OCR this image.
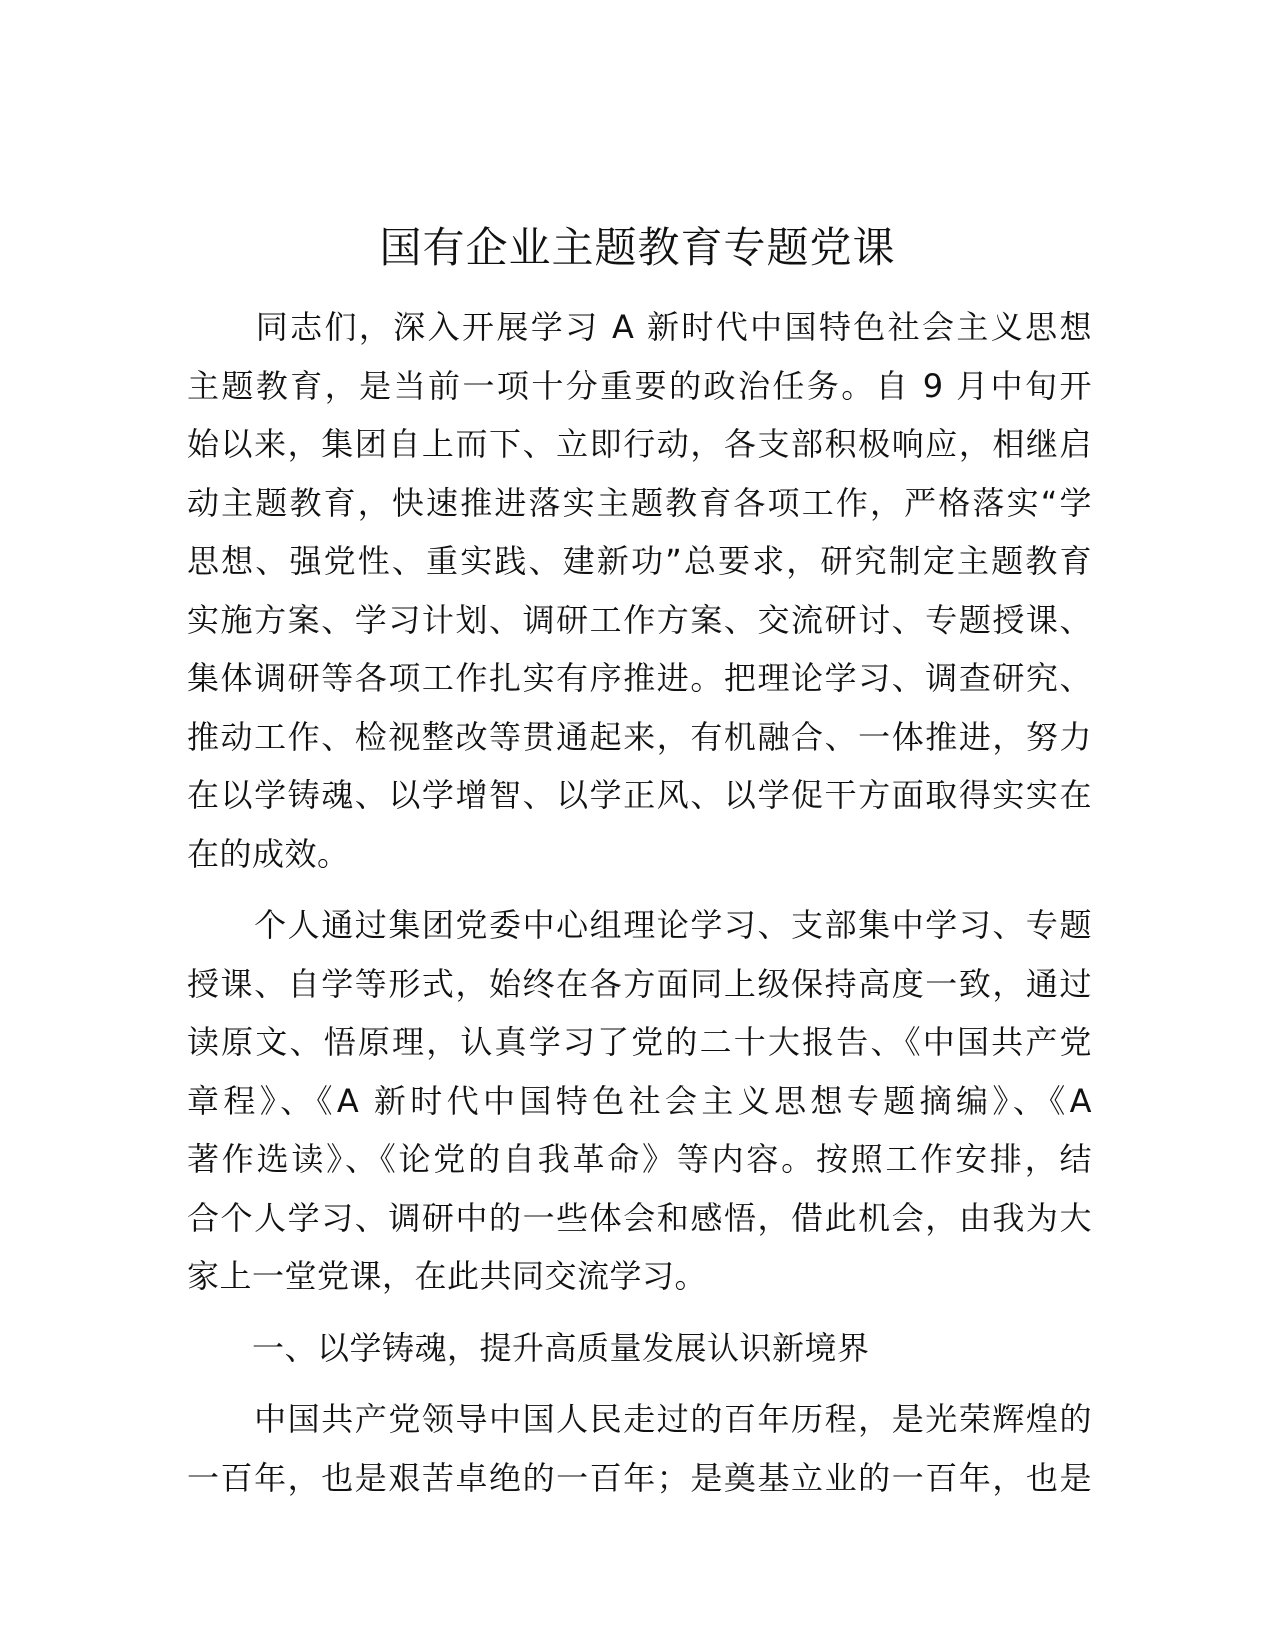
国有企业主题教育专题党课

　　同志们，深入开展学习 A 新时代中国特色社会主义思想
主题教育，是当前一项十分重要的政治任务。自 9 月中旬开
始以来，集团自上而下、立即行动，各支部积极响应，相继启
动主题教育，快速推进落实主题教育各项工作，严格落实“学
思想、强党性、重实践、建新功”总要求，研究制定主题教育
实施方案、学习计划、调研工作方案、交流研讨、专题授课、
集体调研等各项工作扎实有序推进。把理论学习、调查研究、
推动工作、检视整改等贯通起来，有机融合、一体推进，努力
在以学铸魂、以学增智、以学正风、以学促干方面取得实实在
在的成效。

　　个人通过集团党委中心组理论学习、支部集中学习、专题
授课、自学等形式，始终在各方面同上级保持高度一致，通过
读原文、悟原理，认真学习了党的二十大报告、《中国共产党
章程》、《A 新时代中国特色社会主义思想专题摘编》、《A
著作选读》、《论党的自我革命》等内容。按照工作安排，结
合个人学习、调研中的一些体会和感悟，借此机会，由我为大
家上一堂党课，在此共同交流学习。

　　一、以学铸魂，提升高质量发展认识新境界

　　中国共产党领导中国人民走过的百年历程，是光荣辉煌的
一百年，也是艰苦卓绝的一百年；是奠基立业的一百年，也是
